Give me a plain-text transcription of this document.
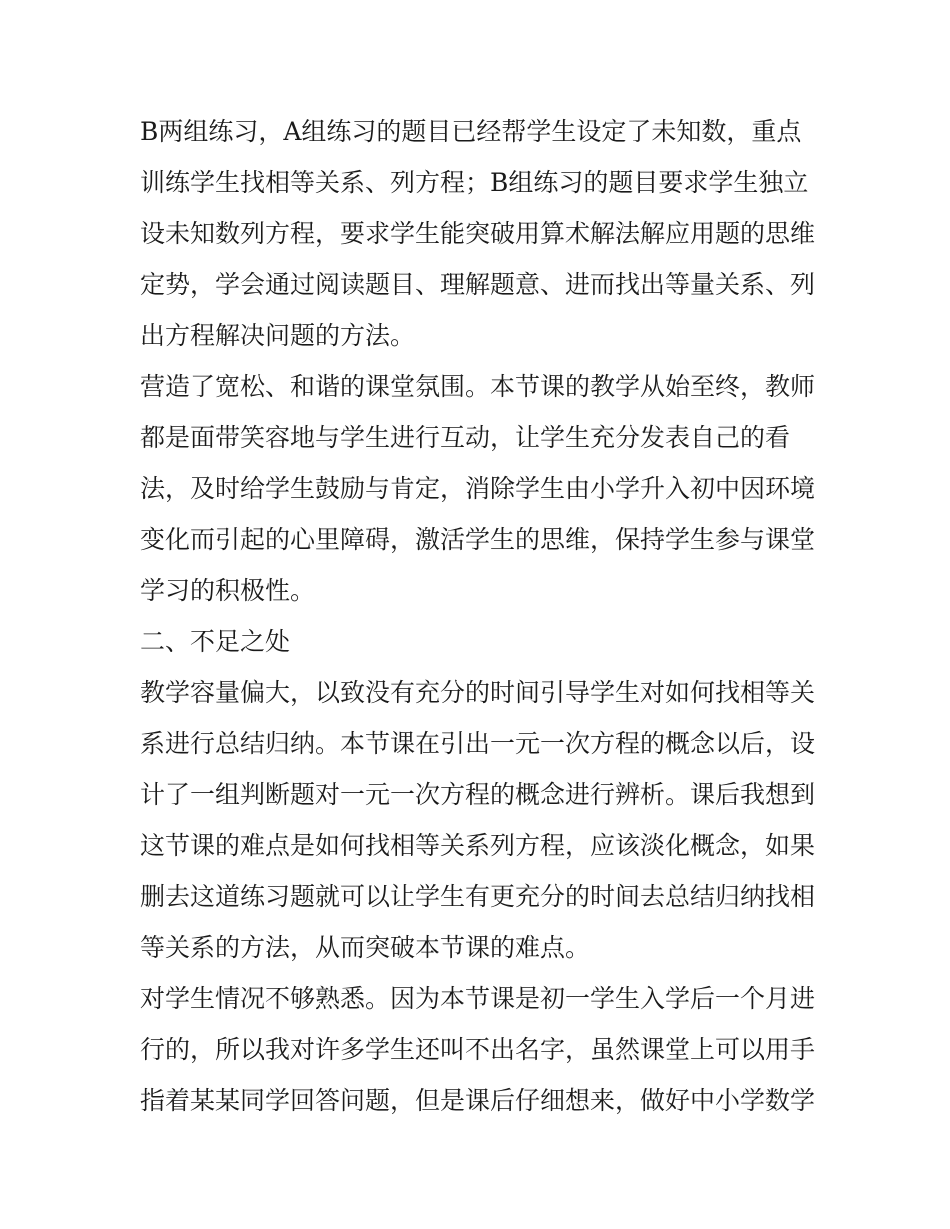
B两组练习，A组练习的题目已经帮学生设定了未知数，重点
训练学生找相等关系、列方程；B组练习的题目要求学生独立
设未知数列方程，要求学生能突破用算术解法解应用题的思维
定势，学会通过阅读题目、理解题意、进而找出等量关系、列
出方程解决问题的方法。
营造了宽松、和谐的课堂氛围。本节课的教学从始至终，教师
都是面带笑容地与学生进行互动，让学生充分发表自己的看
法，及时给学生鼓励与肯定，消除学生由小学升入初中因环境
变化而引起的心里障碍，激活学生的思维，保持学生参与课堂
学习的积极性。
二、不足之处
教学容量偏大，以致没有充分的时间引导学生对如何找相等关
系进行总结归纳。本节课在引出一元一次方程的概念以后，设
计了一组判断题对一元一次方程的概念进行辨析。课后我想到
这节课的难点是如何找相等关系列方程，应该淡化概念，如果
删去这道练习题就可以让学生有更充分的时间去总结归纳找相
等关系的方法，从而突破本节课的难点。
对学生情况不够熟悉。因为本节课是初一学生入学后一个月进
行的，所以我对许多学生还叫不出名字，虽然课堂上可以用手
指着某某同学回答问题，但是课后仔细想来，做好中小学数学
